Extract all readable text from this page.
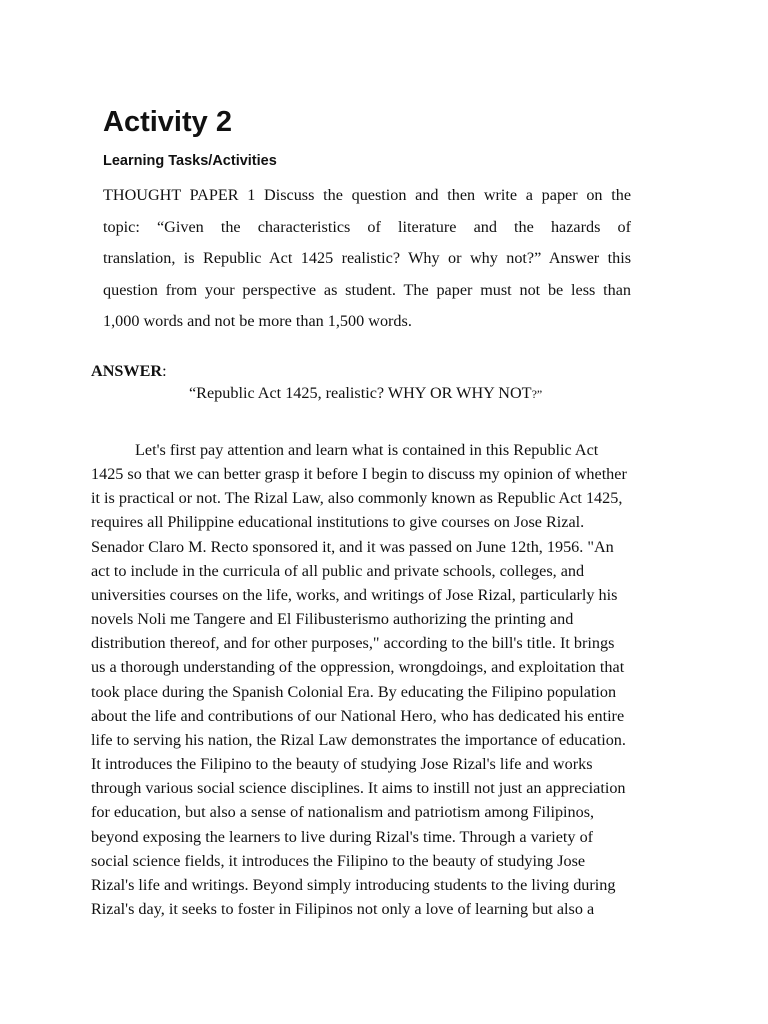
Activity 2
Learning Tasks/Activities

THOUGHT PAPER 1 Discuss the question and then write a paper on the
topic: “Given the characteristics of literature and the hazards of
translation, is Republic Act 1425 realistic? Why or why not?” Answer this
question from your perspective as student. The paper must not be less than
1,000 words and not be more than 1,500 words.

ANSWER:

“Republic Act 1425, realistic? WHY OR WHY NOT?”

Let's first pay attention and learn what is contained in this Republic Act
1425 so that we can better grasp it before I begin to discuss my opinion of whether
it is practical or not. The Rizal Law, also commonly known as Republic Act 1425,
requires all Philippine educational institutions to give courses on Jose Rizal.
Senador Claro M. Recto sponsored it, and it was passed on June 12th, 1956. "An
act to include in the curricula of all public and private schools, colleges, and
universities courses on the life, works, and writings of Jose Rizal, particularly his
novels Noli me Tangere and El Filibusterismo authorizing the printing and
distribution thereof, and for other purposes," according to the bill's title. It brings
us a thorough understanding of the oppression, wrongdoings, and exploitation that
took place during the Spanish Colonial Era. By educating the Filipino population
about the life and contributions of our National Hero, who has dedicated his entire
life to serving his nation, the Rizal Law demonstrates the importance of education.
It introduces the Filipino to the beauty of studying Jose Rizal's life and works
through various social science disciplines. It aims to instill not just an appreciation
for education, but also a sense of nationalism and patriotism among Filipinos,
beyond exposing the learners to live during Rizal's time. Through a variety of
social science fields, it introduces the Filipino to the beauty of studying Jose
Rizal's life and writings. Beyond simply introducing students to the living during
Rizal's day, it seeks to foster in Filipinos not only a love of learning but also a
